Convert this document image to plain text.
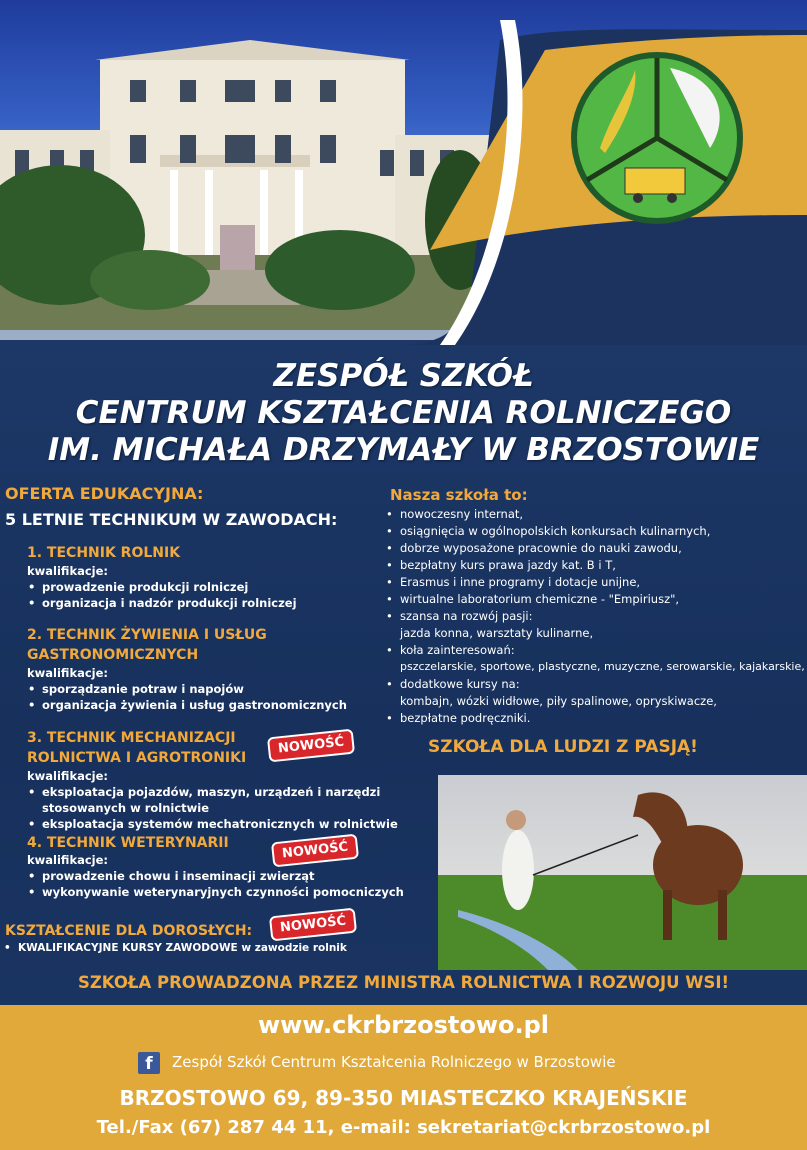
ZESPÓŁ SZKÓŁ
CENTRUM KSZTAŁCENIA ROLNICZEGO
IM. MICHAŁA DRZYMAŁY W BRZOSTOWIE
OFERTA EDUKACYJNA:
5 LETNIE TECHNIKUM W ZAWODACH:
1. TECHNIK ROLNIK
kwalifikacje:
• prowadzenie produkcji rolniczej
• organizacja i nadzór produkcji rolniczej
2. TECHNIK ŻYWIENIA I USŁUG
GASTRONOMICZNYCH
kwalifikacje:
• sporządzanie potraw i napojów
• organizacja żywienia i usług gastronomicznych
3. TECHNIK MECHANIZACJI
ROLNICTWA I AGROTRONIKI
NOWOŚĆ
kwalifikacje:
• eksploatacja pojazdów, maszyn, urządzeń i narzędzi
stosowanych w rolnictwie
• eksploatacja systemów mechatronicznych w rolnictwie
4. TECHNIK WETERYNARII	NOWOŚĆ
kwalifikacje:
• prowadzenie chowu i inseminacji zwierząt
• wykonywanie weterynaryjnych czynności pomocniczych
KSZTAŁCENIE DLA DOROSŁYCH:	NOWOŚĆ
• KWALIFIKACYJNE KURSY ZAWODOWE w zawodzie rolnik
Nasza szkoła to:
• nowoczesny internat,
• osiągnięcia w ogólnopolskich konkursach kulinarnych,
• dobrze wyposażone pracownie do nauki zawodu,
• bezpłatny kurs prawa jazdy kat. B i T,
• Erasmus i inne programy i dotacje unijne,
• wirtualne laboratorium chemiczne - "Empiriusz",
• szansa na rozwój pasji:
jazda konna, warsztaty kulinarne,
• koła zainteresowań:
pszczelarskie, sportowe, plastyczne, muzyczne, serowarskie, kajakarskie,
• dodatkowe kursy na:
kombajn, wózki widłowe, piły spalinowe, opryskiwacze,
• bezpłatne podręczniki.
SZKOŁA DLA LUDZI Z PASJĄ!
SZKOŁA PROWADZONA PRZEZ MINISTRA ROLNICTWA I ROZWOJU WSI!
www.ckrbrzostowo.pl
f	Zespół Szkół Centrum Kształcenia Rolniczego w Brzostowie
BRZOSTOWO 69, 89-350 MIASTECZKO KRAJEŃSKIE
Tel./Fax (67) 287 44 11, e-mail: sekretariat@ckrbrzostowo.pl
